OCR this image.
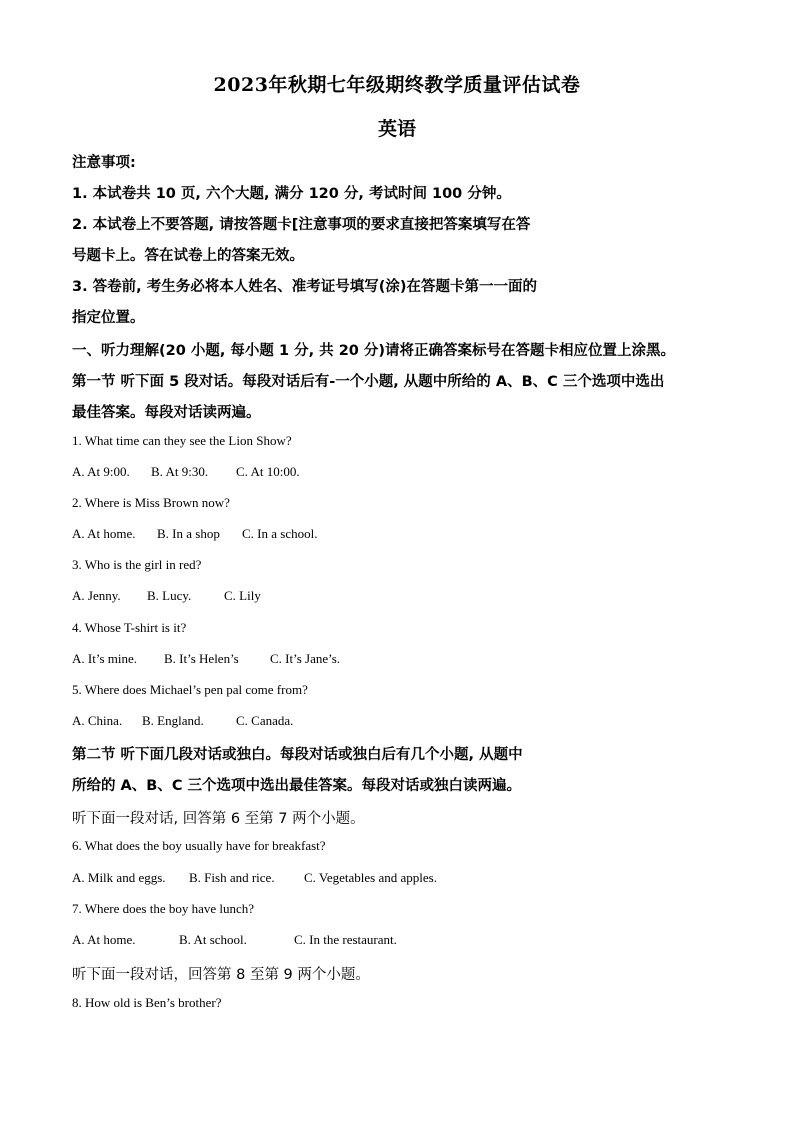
2023年秋期七年级期终教学质量评估试卷
英语
注意事项:
1. 本试卷共 10 页, 六个大题, 满分 120 分, 考试时间 100 分钟。
2. 本试卷上不要答题, 请按答题卡[注意事项的要求直接把答案填写在答
号题卡上。答在试卷上的答案无效。
3. 答卷前, 考生务必将本人姓名、准考证号填写(涂)在答题卡第一一面的
指定位置。
一、听力理解(20 小题, 每小题 1 分, 共 20 分)请将正确答案标号在答题卡相应位置上涂黑。
第一节 听下面 5 段对话。每段对话后有-一个小题, 从题中所给的 A、B、C 三个选项中选出
最佳答案。每段对话读两遍。
1. What time can they see the Lion Show?
A. At 9:00. B. At 9:30. C. At 10:00.
2. Where is Miss Brown now?
A. At home. B. In a shop C. In a school.
3. Who is the girl in red?
A. Jenny. B. Lucy.	C. Lily
4. Whose T-shirt is it?
A. It’s mine. B. It’s Helen’s C. It’s Jane’s.
5. Where does Michael’s pen pal come from?
A. China. B. England. C. Canada.
第二节 听下面几段对话或独白。每段对话或独白后有几个小题, 从题中
所给的 A、B、C 三个选项中选出最佳答案。每段对话或独白读两遍。
听下面一段对话, 回答第 6 至第 7 两个小题。
6. What does the boy usually have for breakfast?
A. Milk and eggs. B. Fish and rice. C. Vegetables and apples.
7. Where does the boy have lunch?
A. At home.	B. At school.	C. In the restaurant.
听下面一段对话，回答第 8 至第 9 两个小题。
8. How old is Ben’s brother?
